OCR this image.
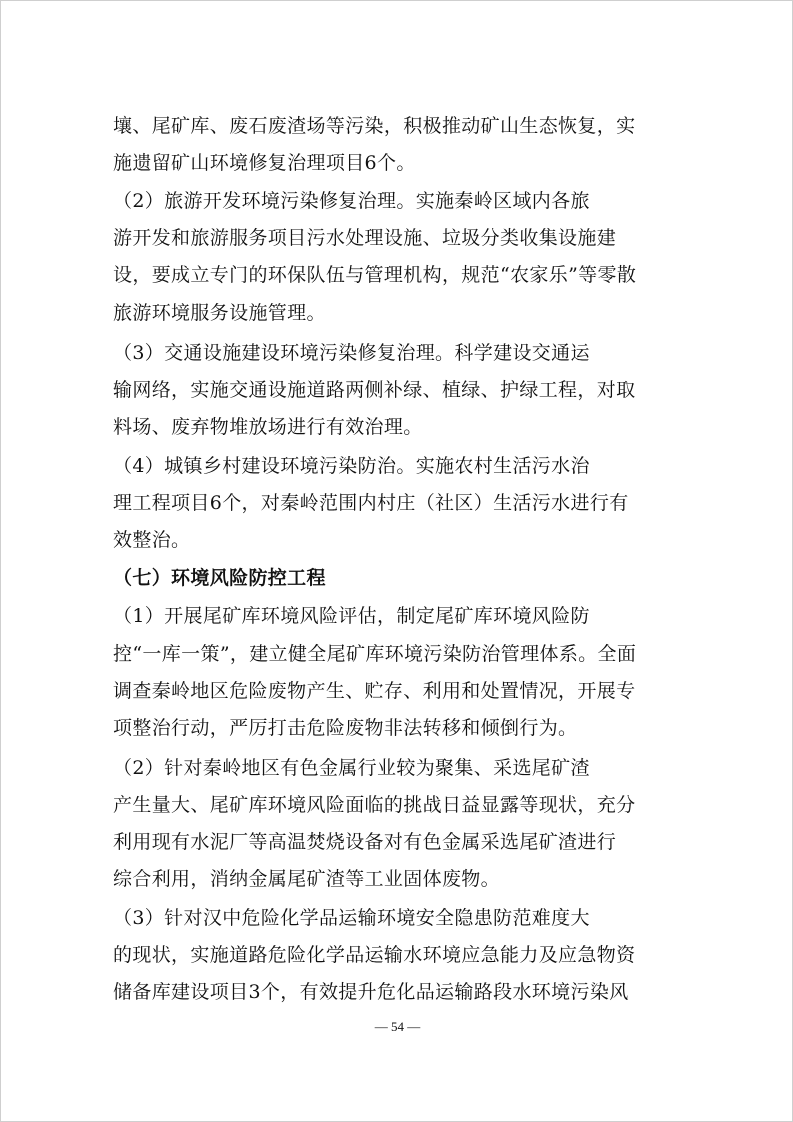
壤、尾矿库、废石废渣场等污染，积极推动矿山生态恢复，实
施遗留矿山环境修复治理项目6个。
（2）旅游开发环境污染修复治理。实施秦岭区域内各旅
游开发和旅游服务项目污水处理设施、垃圾分类收集设施建
设，要成立专门的环保队伍与管理机构，规范“农家乐”等零散
旅游环境服务设施管理。
（3）交通设施建设环境污染修复治理。科学建设交通运
输网络，实施交通设施道路两侧补绿、植绿、护绿工程，对取
料场、废弃物堆放场进行有效治理。
（4）城镇乡村建设环境污染防治。实施农村生活污水治
理工程项目6个，对秦岭范围内村庄（社区）生活污水进行有
效整治。
（七）环境风险防控工程
（1）开展尾矿库环境风险评估，制定尾矿库环境风险防
控“一库一策”，建立健全尾矿库环境污染防治管理体系。全面
调查秦岭地区危险废物产生、贮存、利用和处置情况，开展专
项整治行动，严厉打击危险废物非法转移和倾倒行为。
（2）针对秦岭地区有色金属行业较为聚集、采选尾矿渣
产生量大、尾矿库环境风险面临的挑战日益显露等现状，充分
利用现有水泥厂等高温焚烧设备对有色金属采选尾矿渣进行
综合利用，消纳金属尾矿渣等工业固体废物。
（3）针对汉中危险化学品运输环境安全隐患防范难度大
的现状，实施道路危险化学品运输水环境应急能力及应急物资
储备库建设项目3个，有效提升危化品运输路段水环境污染风
— 54 —
